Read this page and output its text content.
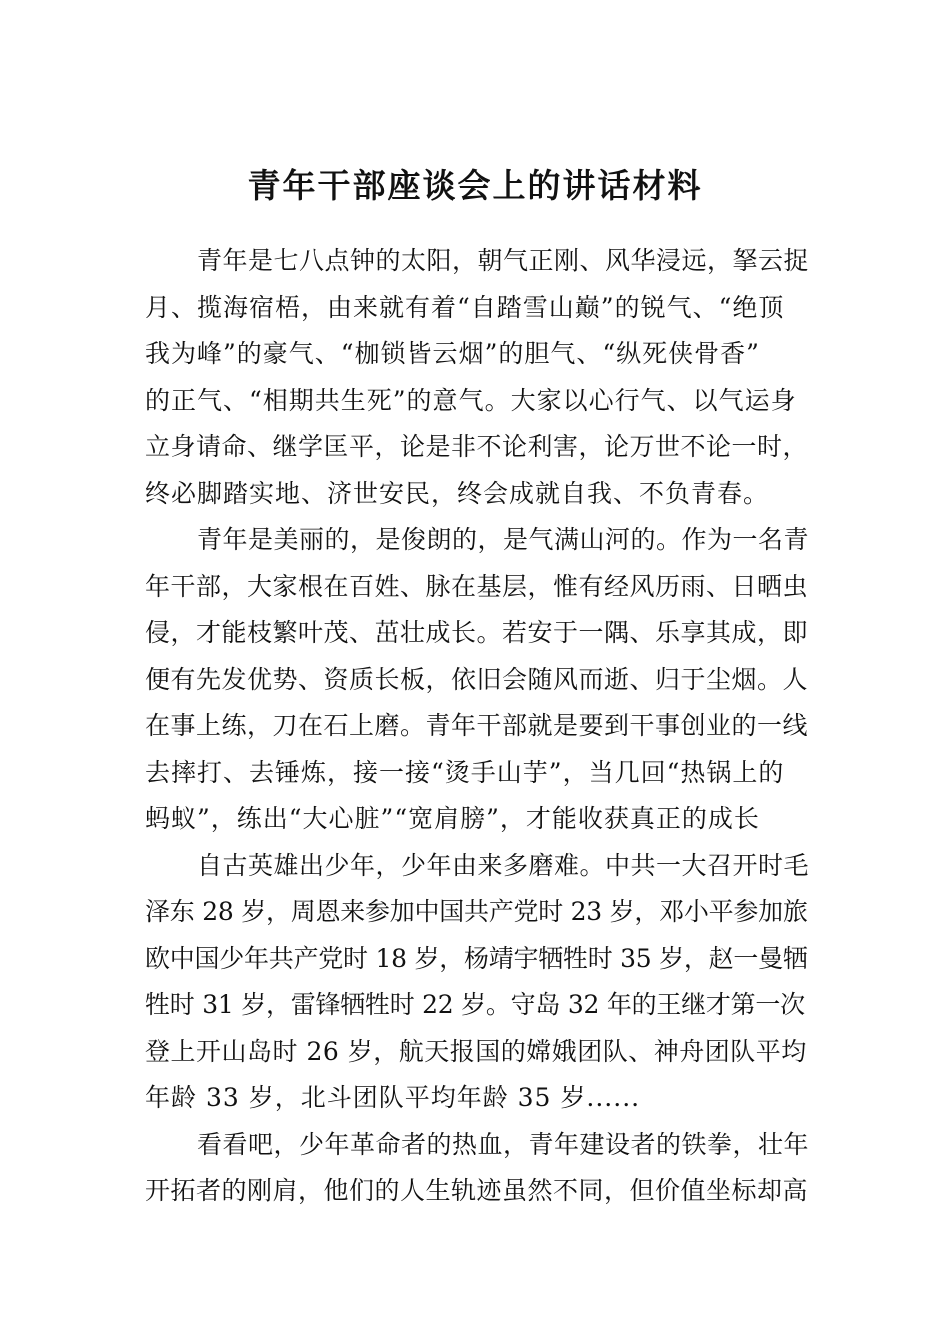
青年干部座谈会上的讲话材料
青年是七八点钟的太阳，朝气正刚、风华浸远，拏云捉
月、揽海宿梧，由来就有着“自踏雪山巅”的锐气、“绝顶
我为峰”的豪气、“枷锁皆云烟”的胆气、“纵死侠骨香”
的正气、“相期共生死”的意气。大家以心行气、以气运身
立身请命、继学匡平，论是非不论利害，论万世不论一时，
终必脚踏实地、济世安民，终会成就自我、不负青春。
青年是美丽的，是俊朗的，是气满山河的。作为一名青
年干部，大家根在百姓、脉在基层，惟有经风历雨、日晒虫
侵，才能枝繁叶茂、茁壮成长。若安于一隅、乐享其成，即
便有先发优势、资质长板，依旧会随风而逝、归于尘烟。人
在事上练，刀在石上磨。青年干部就是要到干事创业的一线
去摔打、去锤炼，接一接“烫手山芋”，当几回“热锅上的
蚂蚁”，练出“大心脏”“宽肩膀”，才能收获真正的成长
自古英雄出少年，少年由来多磨难。中共一大召开时毛
泽东 28 岁，周恩来参加中国共产党时 23 岁，邓小平参加旅
欧中国少年共产党时 18 岁，杨靖宇牺牲时 35 岁，赵一曼牺
牲时 31 岁，雷锋牺牲时 22 岁。守岛 32 年的王继才第一次
登上开山岛时 26 岁，航天报国的嫦娥团队、神舟团队平均
年龄 33 岁，北斗团队平均年龄 35 岁......
看看吧，少年革命者的热血，青年建设者的铁拳，壮年
开拓者的刚肩，他们的人生轨迹虽然不同，但价值坐标却高
